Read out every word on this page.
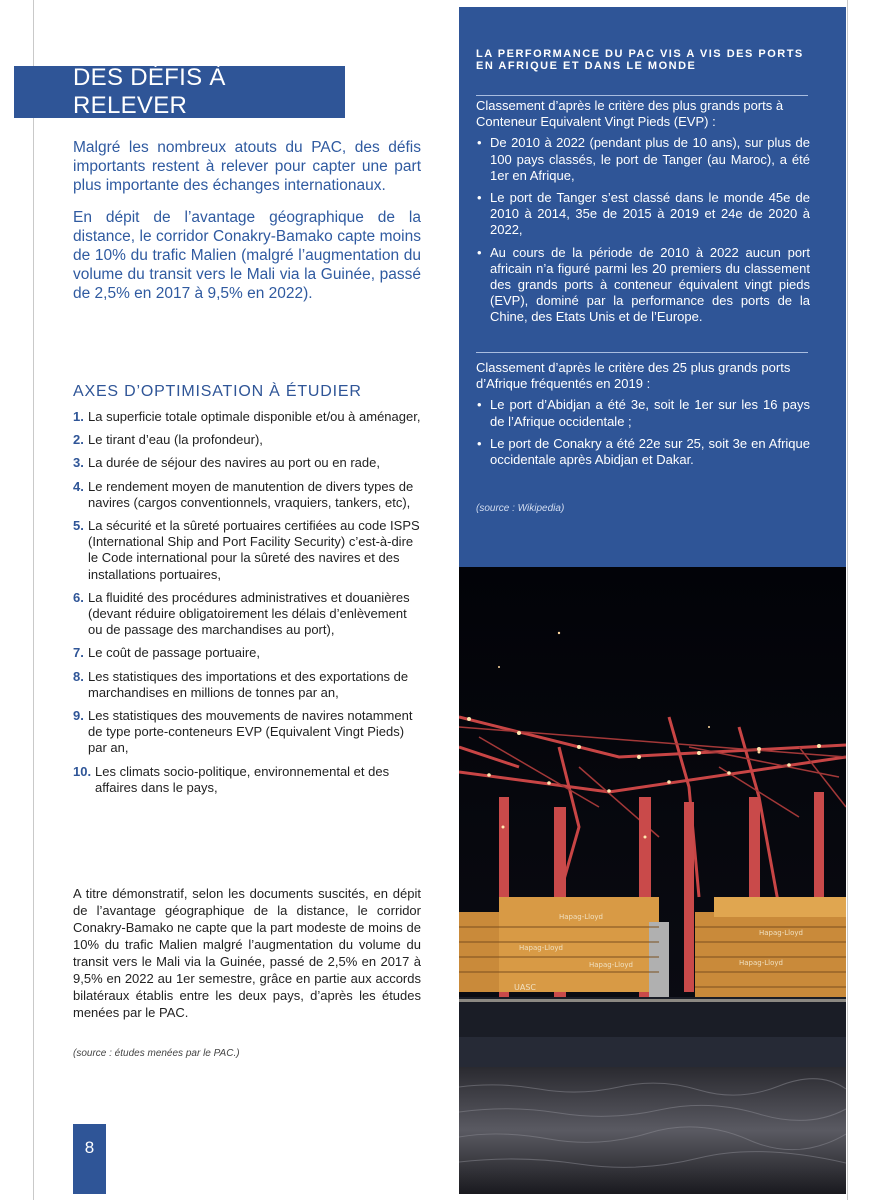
DES DÉFIS À RELEVER

Malgré les nombreux atouts du PAC, des défis importants restent à relever pour capter une part plus importante des échanges internationaux.

En dépit de l’avantage géographique de la distance, le corridor Conakry-Bamako capte moins de 10% du trafic Malien (malgré l’augmentation du volume du transit vers le Mali via la Guinée, passé de 2,5% en 2017 à 9,5% en 2022).

AXES D’OPTIMISATION À ÉTUDIER
1. La superficie totale optimale disponible et/ou à aménager,
2. Le tirant d’eau (la profondeur),
3. La durée de séjour des navires au port ou en rade,
4. Le rendement moyen de manutention de divers types de navires (cargos conventionnels, vraquiers, tankers, etc),
5. La sécurité et la sûreté portuaires certifiées au code ISPS (International Ship and Port Facility Security) c’est-à-dire le Code international pour la sûreté des navires et des installations portuaires,
6. La fluidité des procédures administratives et douanières (devant réduire obligatoirement les délais d’enlèvement ou de passage des marchandises au port),
7. Le coût de passage portuaire,
8. Les statistiques des importations et des exportations de marchandises en millions de tonnes par an,
9. Les statistiques des mouvements de navires notamment de type porte-conteneurs EVP (Equivalent Vingt Pieds) par an,
10. Les climats socio-politique, environnemental et des affaires dans le pays,
A titre démonstratif, selon les documents suscités, en dépit de l’avantage géographique de la distance, le corridor Conakry-Bamako ne capte que la part modeste de moins de 10% du trafic Malien malgré l’augmentation du volume du transit vers le Mali via la Guinée, passé de 2,5% en 2017 à 9,5% en 2022 au 1er semestre, grâce en partie aux accords bilatéraux établis entre les deux pays, d’après les études menées par le PAC.
(source : études menées par le PAC.)
8
LA PERFORMANCE DU PAC VIS A VIS DES PORTS EN AFRIQUE ET DANS LE MONDE
Classement d’après le critère des plus grands ports à Conteneur Equivalent Vingt Pieds (EVP) :
• De 2010 à 2022 (pendant plus de 10 ans), sur plus de 100 pays classés, le port de Tanger (au Maroc), a été 1er en Afrique,
• Le port de Tanger s’est classé dans le monde 45e de 2010 à 2014, 35e de 2015 à 2019 et 24e de 2020 à 2022,
• Au cours de la période de 2010 à 2022 aucun port africain n’a figuré parmi les 20 premiers du classement des grands ports à conteneur équivalent vingt pieds (EVP), dominé par la performance des ports de la Chine, des Etats Unis et de l’Europe.
Classement d’après le critère des 25 plus grands ports d’Afrique fréquentés en 2019 :
• Le port d’Abidjan a été 3e, soit le 1er sur les 16 pays de l’Afrique occidentale ;
• Le port de Conakry a été 22e sur 25, soit 3e en Afrique occidentale après Abidjan et Dakar.
(source : Wikipedia)
Hapag-Lloyd
Hapag-Lloyd
Hapag-Lloyd
Hapag-Lloyd
Hapag-Lloyd
UASC
